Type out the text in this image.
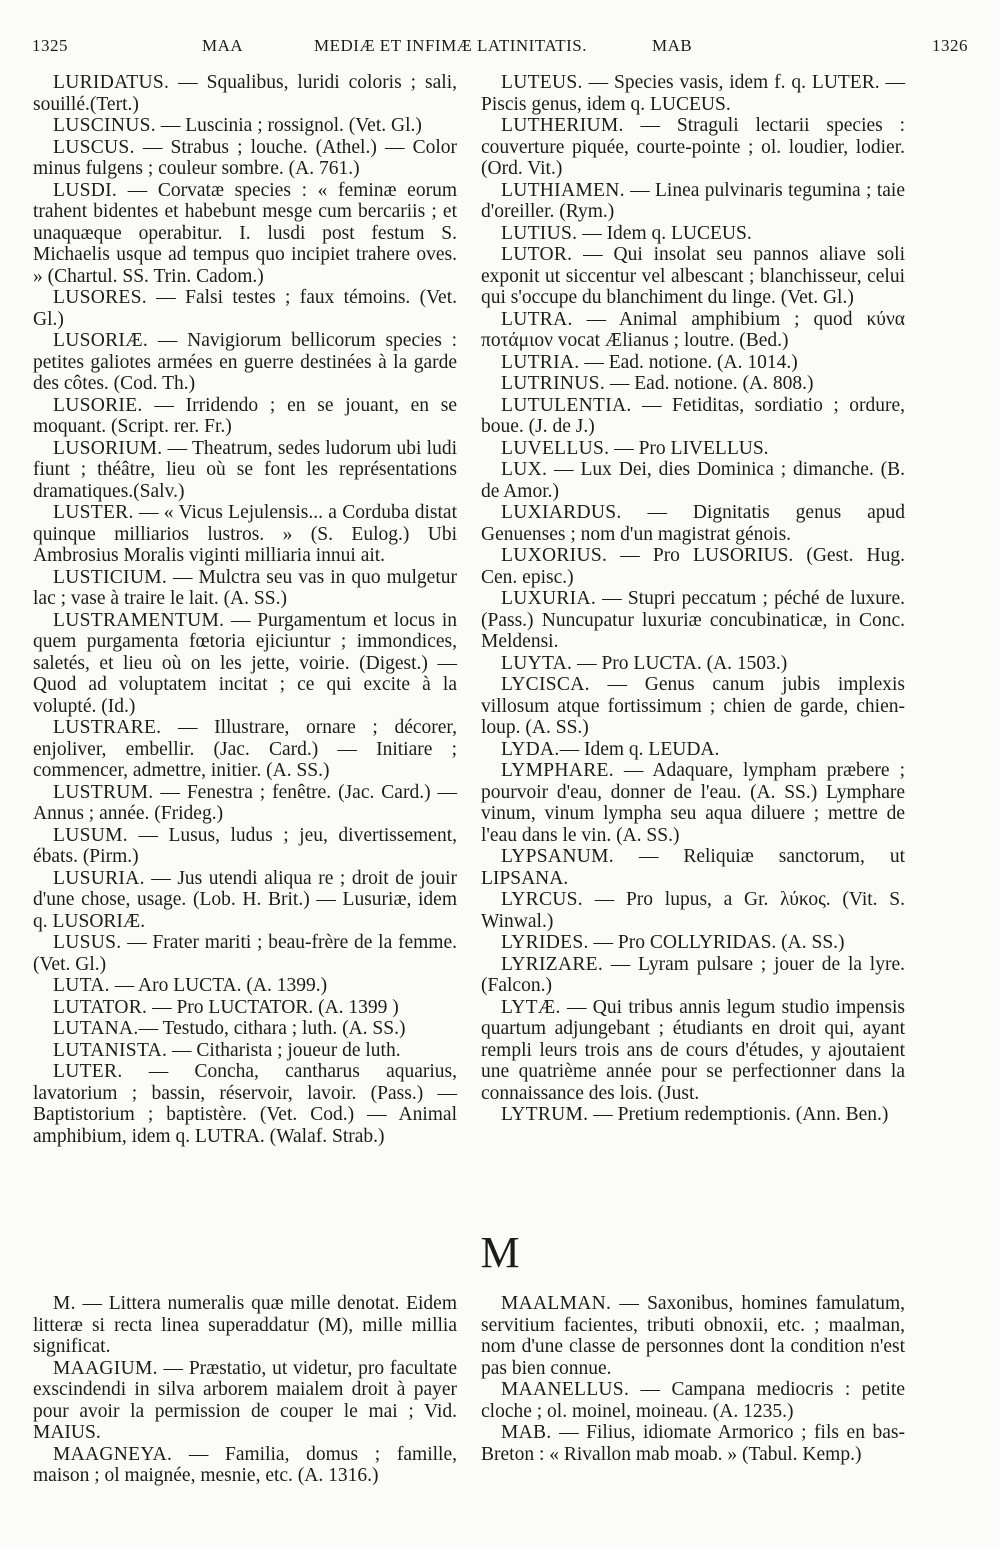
1325	MAA	MEDIÆ ET INFIMÆ LATINITATIS.	MAB	1326

LURIDATUS. — Squalibus, luridi coloris ; sali, souillé.(Tert.)

LUSCINUS. — Luscinia ; rossignol. (Vet. Gl.)

LUSCUS. — Strabus ; louche. (Athel.) — Color minus fulgens ; couleur sombre. (A. 761.)

LUSDI. — Corvatæ species : « feminæ eorum trahent bidentes et habebunt mesge cum bercariis ; et unaquæque operabitur. I. lusdi post festum S. Michaelis usque ad tempus quo incipiet trahere oves. » (Chartul. SS. Trin. Cadom.)

LUSORES. — Falsi testes ; faux témoins. (Vet. Gl.)

LUSORIÆ. — Navigiorum bellicorum species : petites galiotes armées en guerre destinées à la garde des côtes. (Cod. Th.)

LUSORIE. — Irridendo ; en se jouant, en se moquant. (Script. rer. Fr.)

LUSORIUM. — Theatrum, sedes ludorum ubi ludi fiunt ; théâtre, lieu où se font les représentations dramatiques.(Salv.)

LUSTER. — « Vicus Lejulensis... a Corduba distat quinque milliarios lustros. » (S. Eulog.) Ubi Ambrosius Moralis viginti milliaria innui ait.

LUSTICIUM. — Mulctra seu vas in quo mulgetur lac ; vase à traire le lait. (A. SS.)

LUSTRAMENTUM. — Purgamentum et locus in quem purgamenta fœtoria ejiciuntur ; immondices, saletés, et lieu où on les jette, voirie. (Digest.) — Quod ad voluptatem incitat ; ce qui excite à la volupté. (Id.)

LUSTRARE. — Illustrare, ornare ; décorer, enjoliver, embellir. (Jac. Card.) — Initiare ; commencer, admettre, initier. (A. SS.)

LUSTRUM. — Fenestra ; fenêtre. (Jac. Card.) — Annus ; année. (Frideg.)

LUSUM. — Lusus, ludus ; jeu, divertissement, ébats. (Pirm.)

LUSURIA. — Jus utendi aliqua re ; droit de jouir d'une chose, usage. (Lob. H. Brit.) — Lusuriæ, idem q. LUSORIÆ.

LUSUS. — Frater mariti ; beau-frère de la femme. (Vet. Gl.)

LUTA. — Aro LUCTA. (A. 1399.)

LUTATOR. — Pro LUCTATOR. (A. 1399 )

LUTANA.— Testudo, cithara ; luth. (A. SS.)

LUTANISTA. — Citharista ; joueur de luth.

LUTER. — Concha, cantharus aquarius, lavatorium ; bassin, réservoir, lavoir. (Pass.) — Baptistorium ; baptistère. (Vet. Cod.) — Animal amphibium, idem q. LUTRA. (Walaf. Strab.)

LUTEUS. — Species vasis, idem f. q. LUTER. — Piscis genus, idem q. LUCEUS.

LUTHERIUM. — Straguli lectarii species : couverture piquée, courte-pointe ; ol. loudier, lodier. (Ord. Vit.)

LUTHIAMEN. — Linea pulvinaris tegumina ; taie d'oreiller. (Rym.)

LUTIUS. — Idem q. LUCEUS.

LUTOR. — Qui insolat seu pannos aliave soli exponit ut siccentur vel albescant ; blanchisseur, celui qui s'occupe du blanchiment du linge. (Vet. Gl.)

LUTRA. — Animal amphibium ; quod κύνα ποτάμιον vocat Ælianus ; loutre. (Bed.)

LUTRIA. — Ead. notione. (A. 1014.)

LUTRINUS. — Ead. notione. (A. 808.)

LUTULENTIA. — Fetiditas, sordiatio ; ordure, boue. (J. de J.)

LUVELLUS. — Pro LIVELLUS.

LUX. — Lux Dei, dies Dominica ; dimanche. (B. de Amor.)

LUXIARDUS. — Dignitatis genus apud Genuenses ; nom d'un magistrat génois.

LUXORIUS. — Pro LUSORIUS. (Gest. Hug. Cen. episc.)

LUXURIA. — Stupri peccatum ; péché de luxure. (Pass.) Nuncupatur luxuriæ concubinaticæ, in Conc. Meldensi.

LUYTA. — Pro LUCTA. (A. 1503.)

LYCISCA. — Genus canum jubis implexis villosum atque fortissimum ; chien de garde, chien-loup. (A. SS.)

LYDA.— Idem q. LEUDA.

LYMPHARE. — Adaquare, lympham præbere ; pourvoir d'eau, donner de l'eau. (A. SS.) Lymphare vinum, vinum lympha seu aqua diluere ; mettre de l'eau dans le vin. (A. SS.)

LYPSANUM. — Reliquiæ sanctorum, ut LIPSANA.

LYRCUS. — Pro lupus, a Gr. λύκος. (Vit. S. Winwal.)

LYRIDES. — Pro COLLYRIDAS. (A. SS.)

LYRIZARE. — Lyram pulsare ; jouer de la lyre. (Falcon.)

LYTÆ. — Qui tribus annis legum studio impensis quartum adjungebant ; étudiants en droit qui, ayant rempli leurs trois ans de cours d'études, y ajoutaient une quatrième année pour se perfectionner dans la connaissance des lois. (Just.

LYTRUM. — Pretium redemptionis. (Ann. Ben.)

M

M. — Littera numeralis quæ mille denotat. Eidem litteræ si recta linea superaddatur (M), mille millia significat.

MAAGIUM. — Præstatio, ut videtur, pro facultate exscindendi in silva arborem maialem droit à payer pour avoir la permission de couper le mai ; Vid. MAIUS.

MAAGNEYA. — Familia, domus ; famille, maison ; ol maignée, mesnie, etc. (A. 1316.)

MAALMAN. — Saxonibus, homines famulatum, servitium facientes, tributi obnoxii, etc. ; maalman, nom d'une classe de personnes dont la condition n'est pas bien connue.

MAANELLUS. — Campana mediocris : petite cloche ; ol. moinel, moineau. (A. 1235.)

MAB. — Filius, idiomate Armorico ; fils en bas-Breton : « Rivallon mab moab. » (Tabul. Kemp.)
